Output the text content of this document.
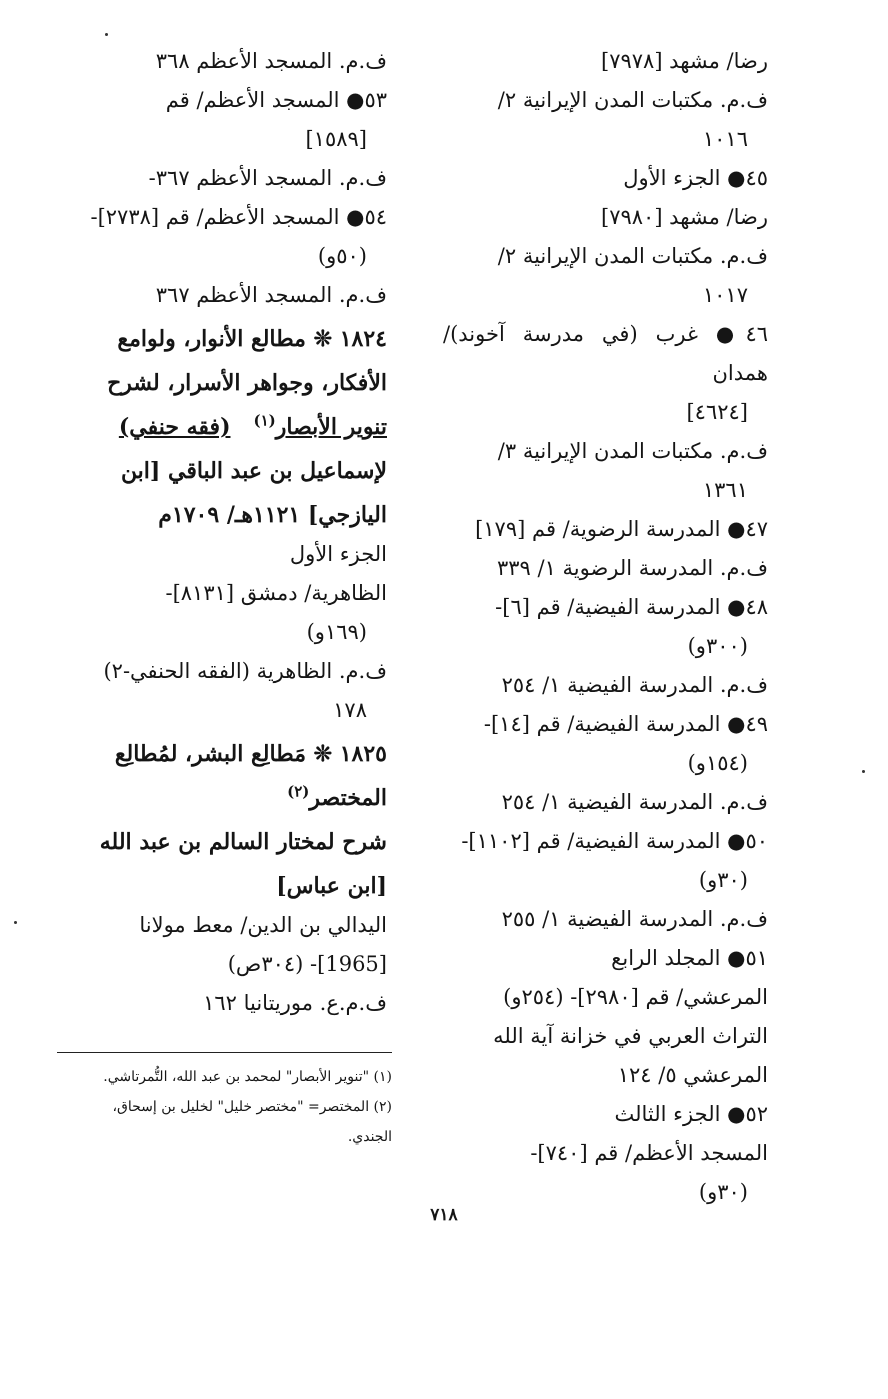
رضا/ مشهد [٧٩٧٨]

ف.م. مكتبات المدن الإيرانية ٢/

١٠١٦

٤٥● الجزء الأول

رضا/ مشهد [٧٩٨٠]

ف.م. مكتبات المدن الإيرانية ٢/

١٠١٧

٤٦● غرب (في مدرسة آخوند)/ همدان

[٤٦٢٤]

ف.م. مكتبات المدن الإيرانية ٣/

١٣٦١

٤٧● المدرسة الرضوية/ قم [١٧٩]

ف.م. المدرسة الرضوية ١/ ٣٣٩

٤٨● المدرسة الفيضية/ قم [٦]-

(٣٠٠و)

ف.م. المدرسة الفيضية ١/ ٢٥٤

٤٩● المدرسة الفيضية/ قم [١٤]-

(١٥٤و)

ف.م. المدرسة الفيضية ١/ ٢٥٤

٥٠● المدرسة الفيضية/ قم [١١٠٢]-

(٣٠و)

ف.م. المدرسة الفيضية ١/ ٢٥٥

٥١● المجلد الرابع

المرعشي/ قم [٢٩٨٠]- (٢٥٤و)

التراث العربي في خزانة آية الله

المرعشي ٥/ ١٢٤

٥٢● الجزء الثالث

المسجد الأعظم/ قم [٧٤٠]-

(٣٠و)

ف.م. المسجد الأعظم ٣٦٨

٥٣● المسجد الأعظم/ قم

[١٥٨٩]

ف.م. المسجد الأعظم ٣٦٧-

٥٤● المسجد الأعظم/ قم [٢٧٣٨]-

(٥٠و)

ف.م. المسجد الأعظم ٣٦٧

١٨٢٤ ❊ مطالع الأنوار، ولوامع

الأفكار، وجواهر الأسرار، لشرح

تنوير الأبصار$^{(١)}$   (فقه حنفي)

لإسماعيل بن عبد الباقي [ابن

اليازجي] ١١٢١هـ/ ١٧٠٩م

الجزء الأول

الظاهرية/ دمشق [٨١٣١]-

(١٦٩و)

ف.م. الظاهرية (الفقه الحنفي-٢)

١٧٨

١٨٢٥ ❊ مَطالِع البشر، لمُطالِع

المختصر$^{(٢)}$

شرح لمختار السالم بن عبد الله

[ابن عباس]

اليدالي بن الدين/ معط مولانا

[1965]- (٣٠٤ص)

ف.م.ع. موريتانيا ١٦٢

(١) "تنوير الأبصار" لمحمد بن عبد الله، التُّمرتاشي.

(٢) المختصر= "مختصر خليل" لخليل بن إسحاق،

الجندي.

٧١٨
